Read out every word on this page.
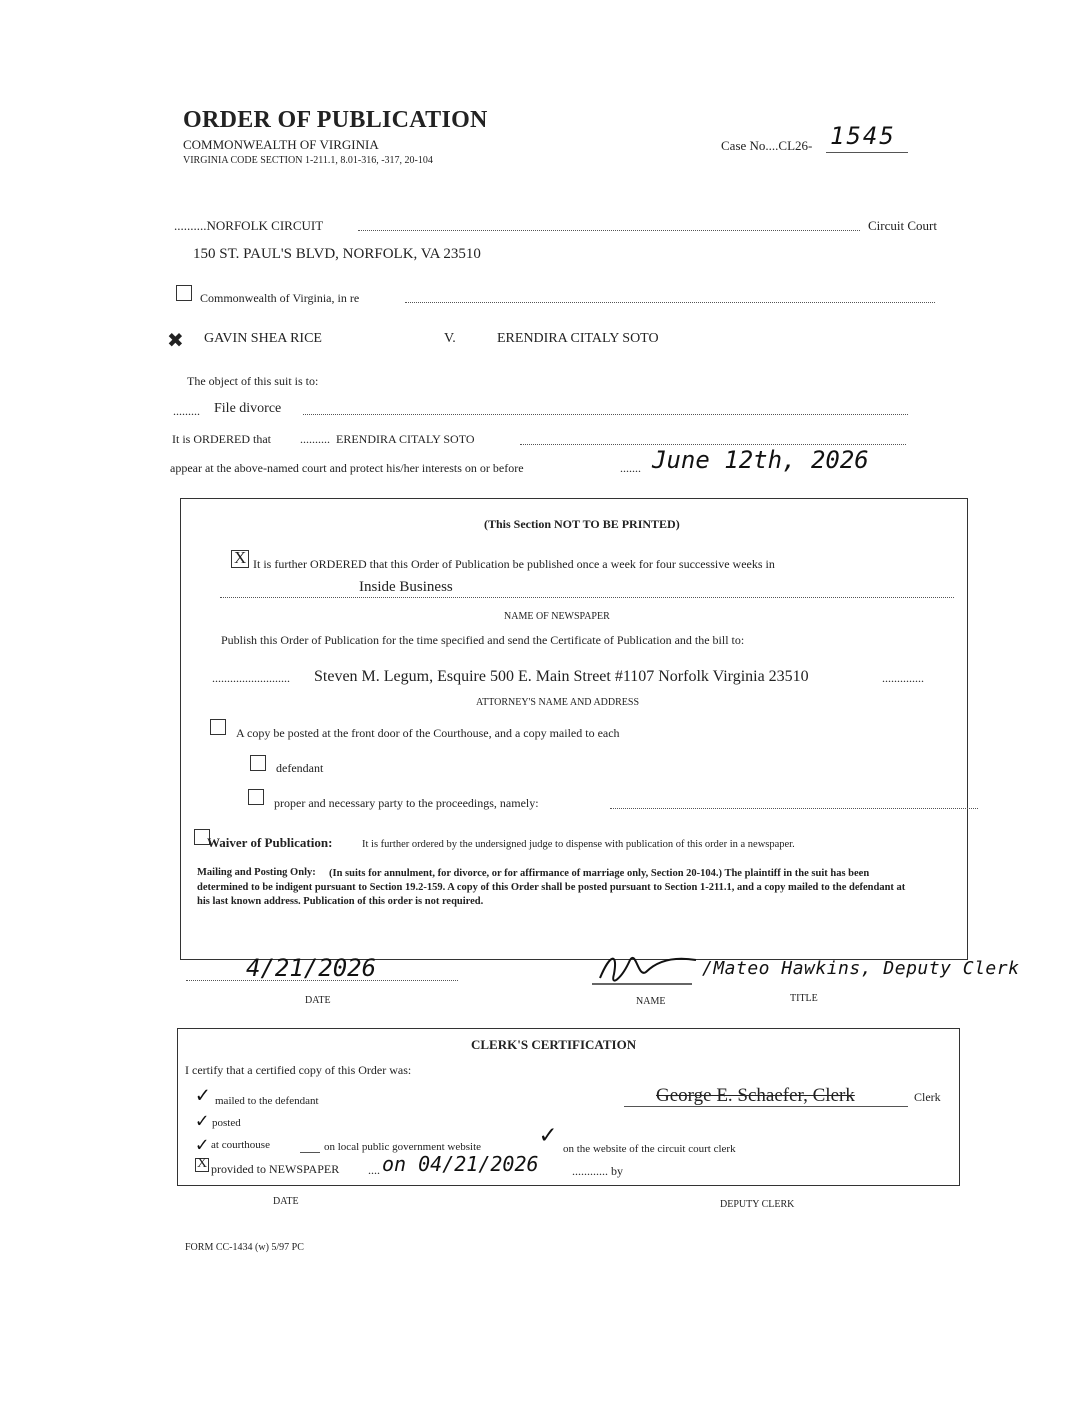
ORDER OF PUBLICATION
COMMONWEALTH OF VIRGINIA
VIRGINIA CODE SECTION 1-211.1, 8.01-316, -317, 20-104
Case No....CL26- 1545
..........NORFOLK CIRCUIT	Circuit Court
150 ST. PAUL'S BLVD, NORFOLK, VA 23510
Commonwealth of Virginia, in re
✖ GAVIN SHEA RICE	V.	ERENDIRA CITALY SOTO
The object of this suit is to:
......... File divorce
It is ORDERED that .......... ERENDIRA CITALY SOTO
appear at the above-named court and protect his/her interests on or before	....... June 12th, 2026
(This Section NOT TO BE PRINTED)
X It is further ORDERED that this Order of Publication be published once a week for four successive weeks in
Inside Business
NAME OF NEWSPAPER
Publish this Order of Publication for the time specified and send the Certificate of Publication and the bill to:
.......................... Steven M. Legum, Esquire 500 E. Main Street #1107 Norfolk Virginia 23510	..............
ATTORNEY'S NAME AND ADDRESS
A copy be posted at the front door of the Courthouse, and a copy mailed to each
defendant
proper and necessary party to the proceedings, namely:
Waiver of Publication:	It is further ordered by the undersigned judge to dispense with publication of this order in a newspaper.
Mailing and Posting Only:	(In suits for annulment, for divorce, or for affirmance of marriage only, Section 20-104.) The plaintiff in the suit has been determined to be indigent pursuant to Section 19.2-159. A copy of this Order shall be posted pursuant to Section 1-211.1, and a copy mailed to the defendant at his last known address. Publication of this order is not required.
4/21/2026
DATE
/Mateo Hawkins, Deputy Clerk
NAME	TITLE
CLERK'S CERTIFICATION
I certify that a certified copy of this Order was:
✓ mailed to the defendant
✓ posted
✓ at courthouse	on local public government website ✓ on the website of the circuit court clerk
X provided to NEWSPAPER .... on 04/21/2026	............ by
George E. Schaefer, Clerk	Clerk
DATE	DEPUTY CLERK
FORM CC-1434 (w) 5/97 PC
